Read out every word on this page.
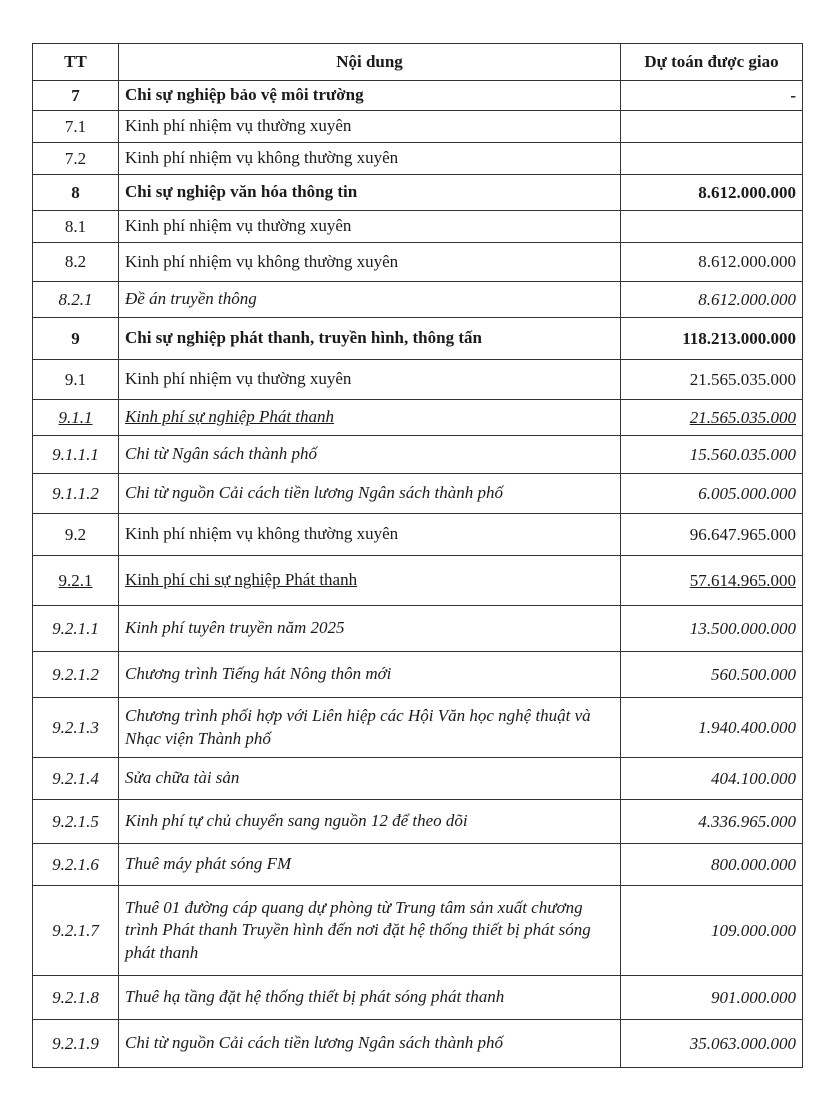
TT	Nội dung	Dự toán được giao
7	Chi sự nghiệp bảo vệ môi trường	-
7.1	Kinh phí nhiệm vụ thường xuyên	
7.2	Kinh phí nhiệm vụ không thường xuyên	
8	Chi sự nghiệp văn hóa thông tin	8.612.000.000
8.1	Kinh phí nhiệm vụ thường xuyên	
8.2	Kinh phí nhiệm vụ không thường xuyên	8.612.000.000
8.2.1	Đề án truyền thông	8.612.000.000
9	Chi sự nghiệp phát thanh, truyền hình, thông tấn	118.213.000.000
9.1	Kinh phí nhiệm vụ thường xuyên	21.565.035.000
9.1.1	Kinh phí sự nghiệp Phát thanh	21.565.035.000
9.1.1.1	Chi từ Ngân sách thành phố	15.560.035.000
9.1.1.2	Chi từ nguồn Cải cách tiền lương Ngân sách thành phố	6.005.000.000
9.2	Kinh phí nhiệm vụ không thường xuyên	96.647.965.000
9.2.1	Kinh phí chi sự nghiệp Phát thanh	57.614.965.000
9.2.1.1	Kinh phí tuyên truyền năm 2025	13.500.000.000
9.2.1.2	Chương trình Tiếng hát Nông thôn mới	560.500.000
9.2.1.3	Chương trình phối hợp với Liên hiệp các Hội Văn học nghệ thuật và Nhạc viện Thành phố	1.940.400.000
9.2.1.4	Sửa chữa tài sản	404.100.000
9.2.1.5	Kinh phí tự chủ chuyển sang nguồn 12 để theo dõi	4.336.965.000
9.2.1.6	Thuê máy phát sóng FM	800.000.000
9.2.1.7	Thuê 01 đường cáp quang dự phòng từ Trung tâm sản xuất chương trình Phát thanh Truyền hình đến nơi đặt hệ thống thiết bị phát sóng phát thanh	109.000.000
9.2.1.8	Thuê hạ tầng đặt hệ thống thiết bị phát sóng phát thanh	901.000.000
9.2.1.9	Chi từ nguồn Cải cách tiền lương Ngân sách thành phố	35.063.000.000
